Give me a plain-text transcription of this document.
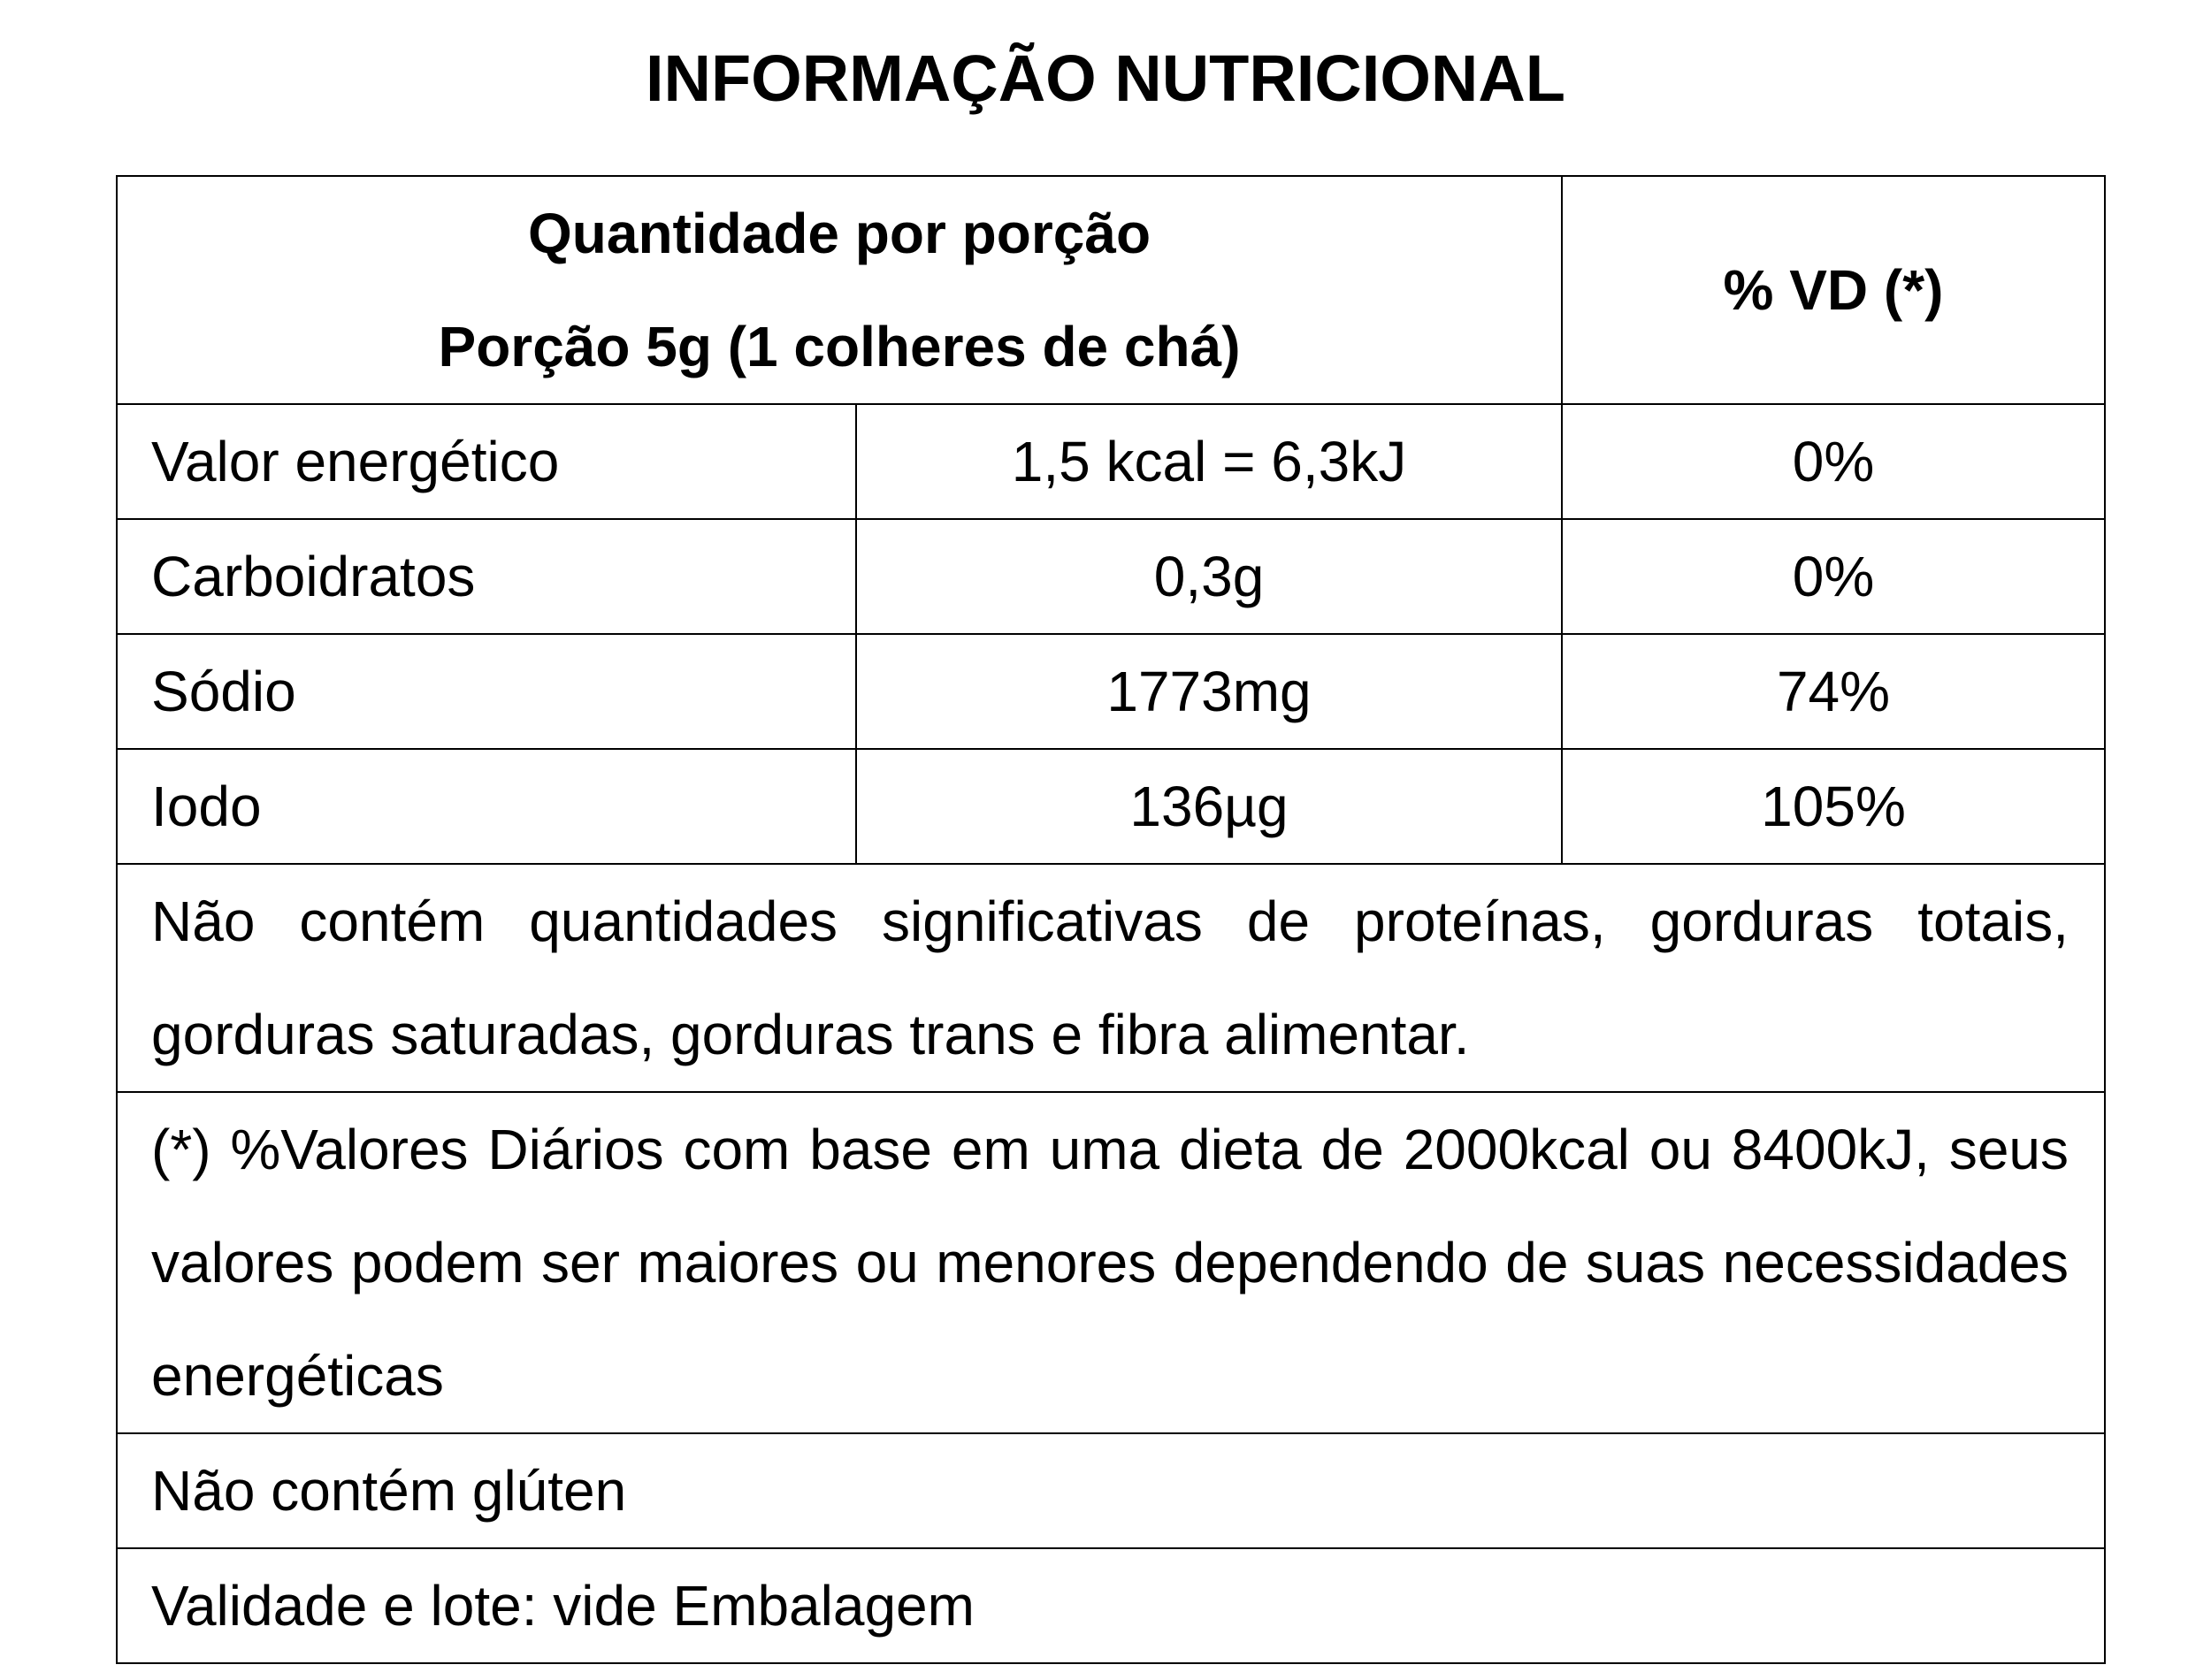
INFORMAÇÃO NUTRICIONAL
Quantidade por porção
Porção 5g (1 colheres de chá)		% VD (*)
Valor energético	1,5 kcal = 6,3kJ	0%
Carboidratos	0,3g	0%
Sódio	1773mg	74%
Iodo	136µg	105%
Não contém quantidades significativas de proteínas, gorduras totais, gorduras saturadas, gorduras trans e fibra alimentar.		
(*) %Valores Diários com base em uma dieta de 2000kcal ou 8400kJ, seus valores podem ser maiores ou menores dependendo de suas necessidades energéticas		
Não contém glúten		
Validade e lote: vide Embalagem		
